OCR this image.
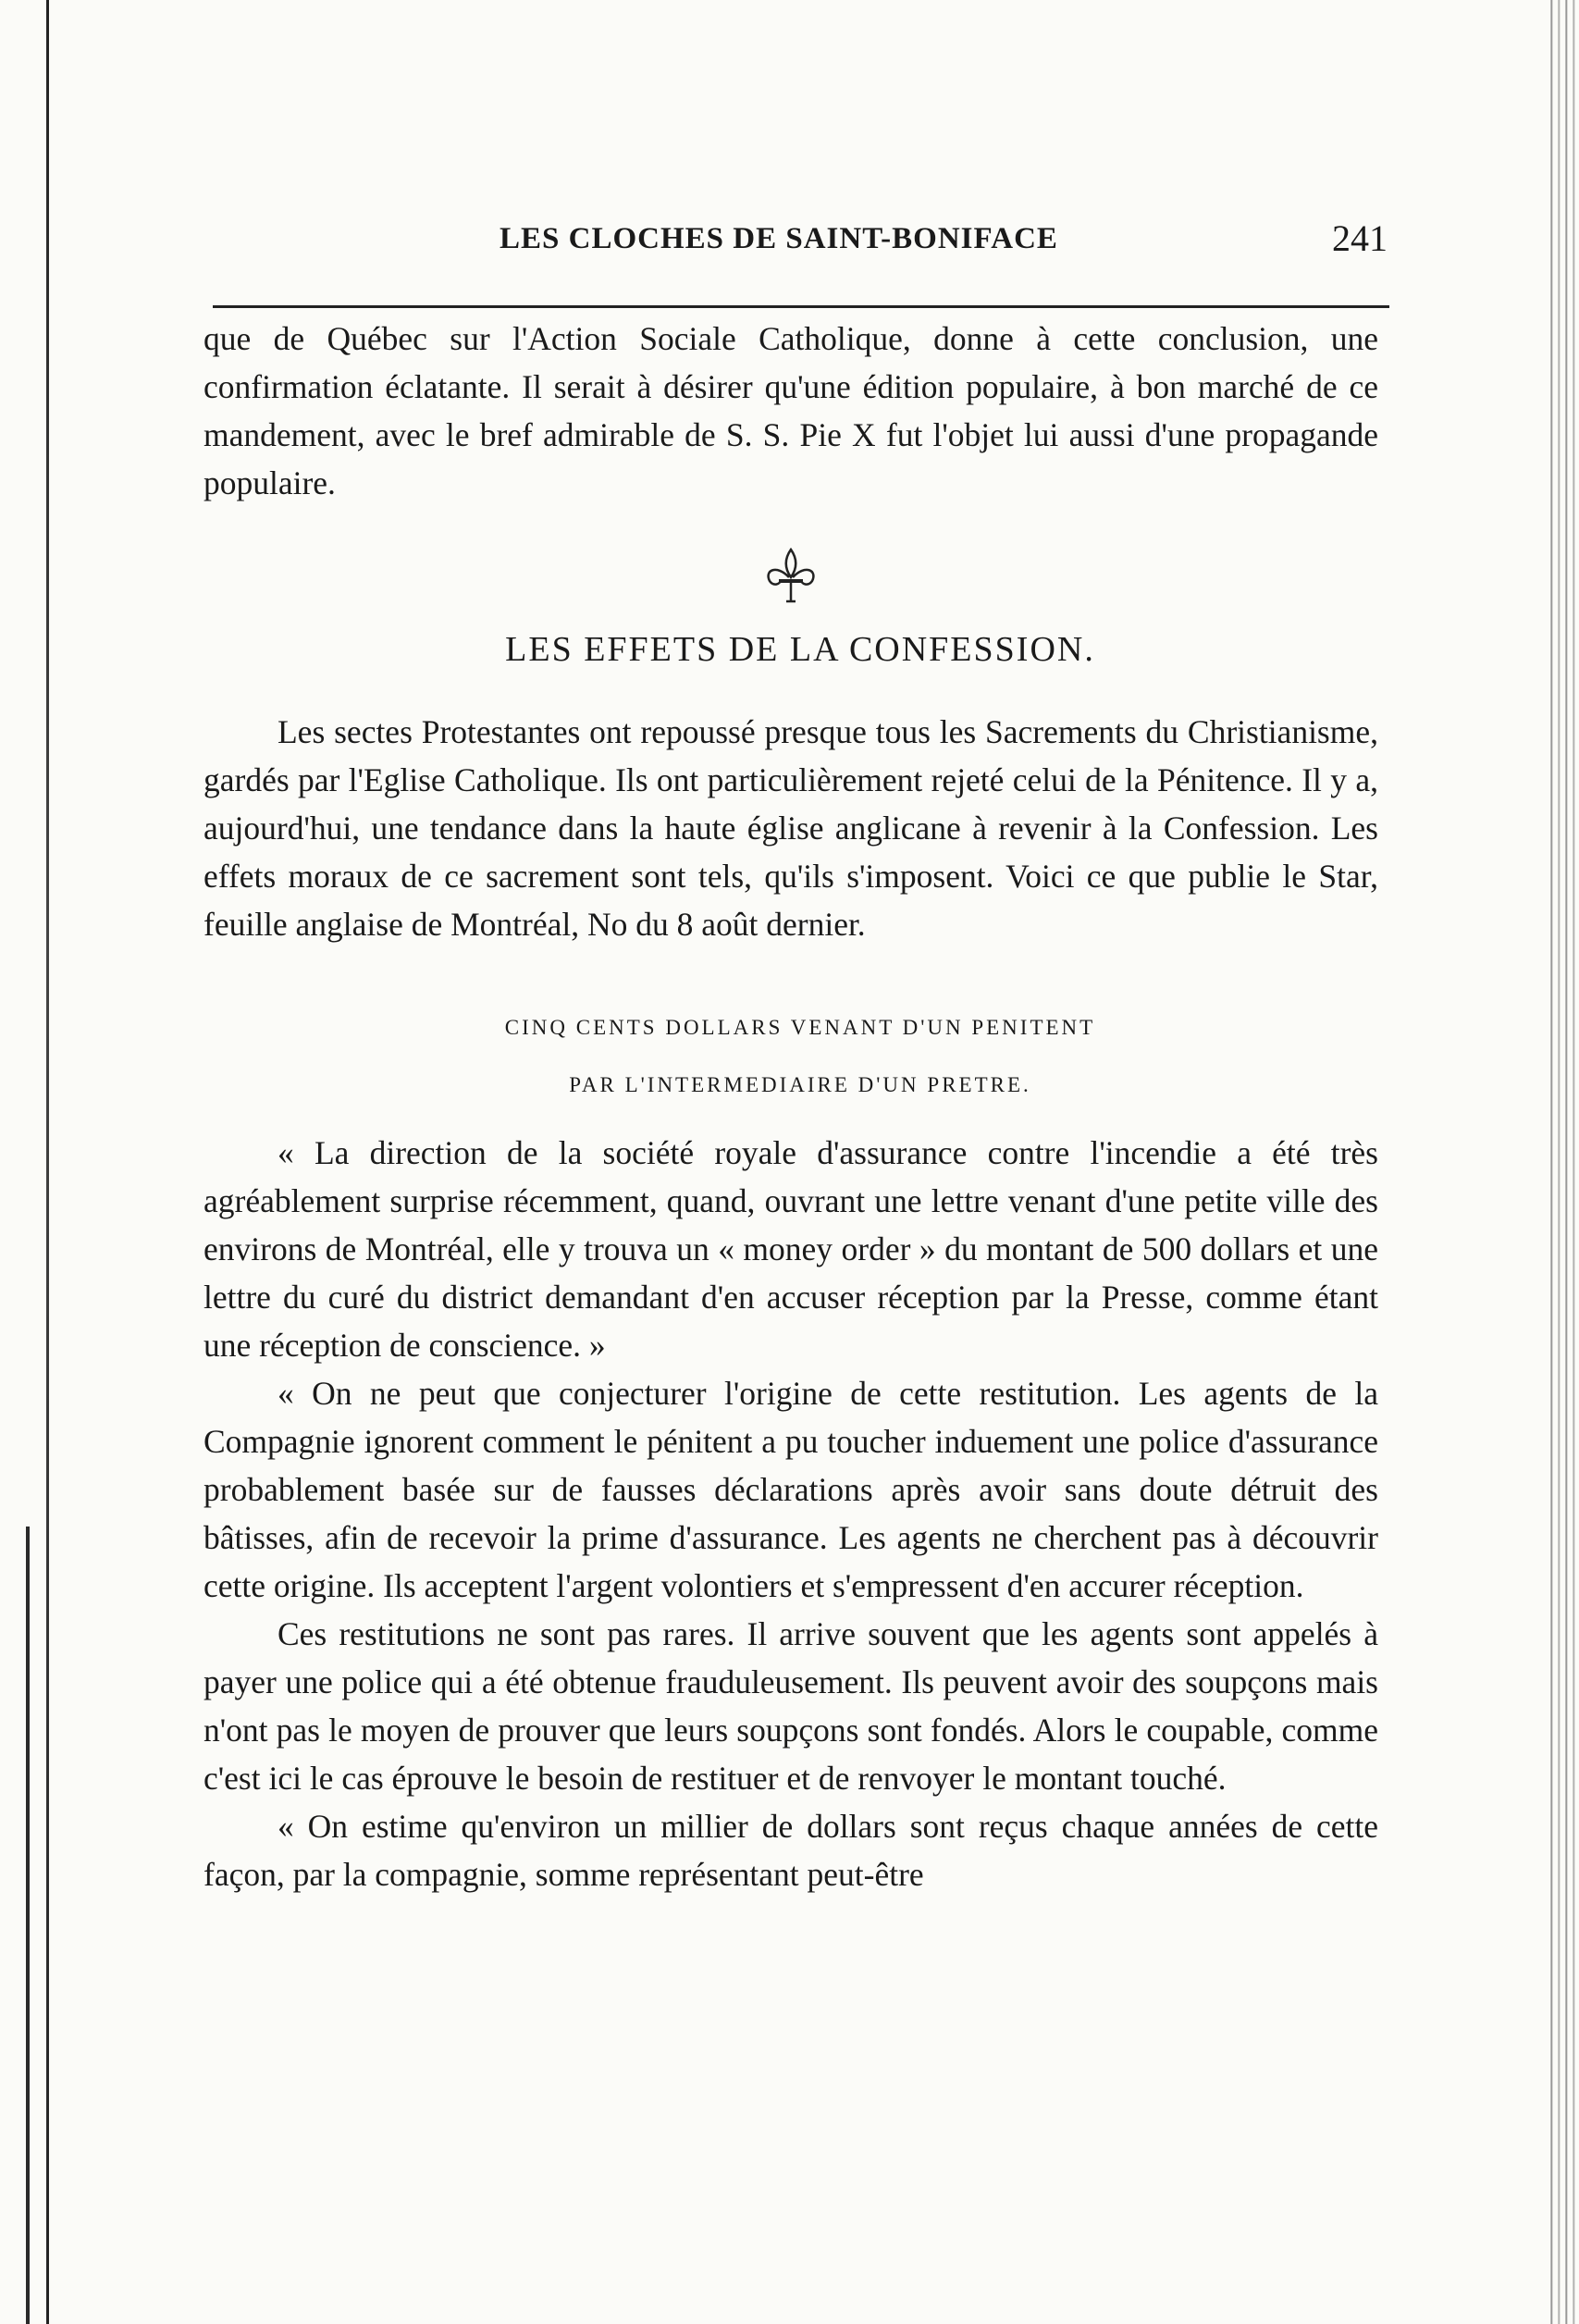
LES CLOCHES DE SAINT-BONIFACE	241

que de Québec sur l'Action Sociale Catholique, donne à cette conclusion, une confirmation éclatante. Il serait à désirer qu'une édition populaire, à bon marché de ce mandement, avec le bref admirable de S. S. Pie X fut l'objet lui aussi d'une propagande populaire.

LES EFFETS DE LA CONFESSION.

Les sectes Protestantes ont repoussé presque tous les Sacrements du Christianisme, gardés par l'Eglise Catholique. Ils ont particulièrement rejeté celui de la Pénitence. Il y a, aujourd'hui, une tendance dans la haute église anglicane à revenir à la Confession. Les effets moraux de ce sacrement sont tels, qu'ils s'imposent. Voici ce que publie le Star, feuille anglaise de Montréal, No du 8 août dernier.

CINQ CENTS DOLLARS VENANT D'UN PENITENT
PAR L'INTERMEDIAIRE D'UN PRETRE.

« La direction de la société royale d'assurance contre l'incendie a été très agréablement surprise récemment, quand, ouvrant une lettre venant d'une petite ville des environs de Montréal, elle y trouva un « money order » du montant de 500 dollars et une lettre du curé du district demandant d'en accuser réception par la Presse, comme étant une réception de conscience. »

« On ne peut que conjecturer l'origine de cette restitution. Les agents de la Compagnie ignorent comment le pénitent a pu toucher induement une police d'assurance probablement basée sur de fausses déclarations après avoir sans doute détruit des bâtisses, afin de recevoir la prime d'assurance. Les agents ne cherchent pas à découvrir cette origine. Ils acceptent l'argent volontiers et s'empressent d'en accurer réception.

Ces restitutions ne sont pas rares. Il arrive souvent que les agents sont appelés à payer une police qui a été obtenue frauduleusement. Ils peuvent avoir des soupçons mais n'ont pas le moyen de prouver que leurs soupçons sont fondés. Alors le coupable, comme c'est ici le cas éprouve le besoin de restituer et de renvoyer le montant touché.

« On estime qu'environ un millier de dollars sont reçus chaque années de cette façon, par la compagnie, somme représentant peut-être
